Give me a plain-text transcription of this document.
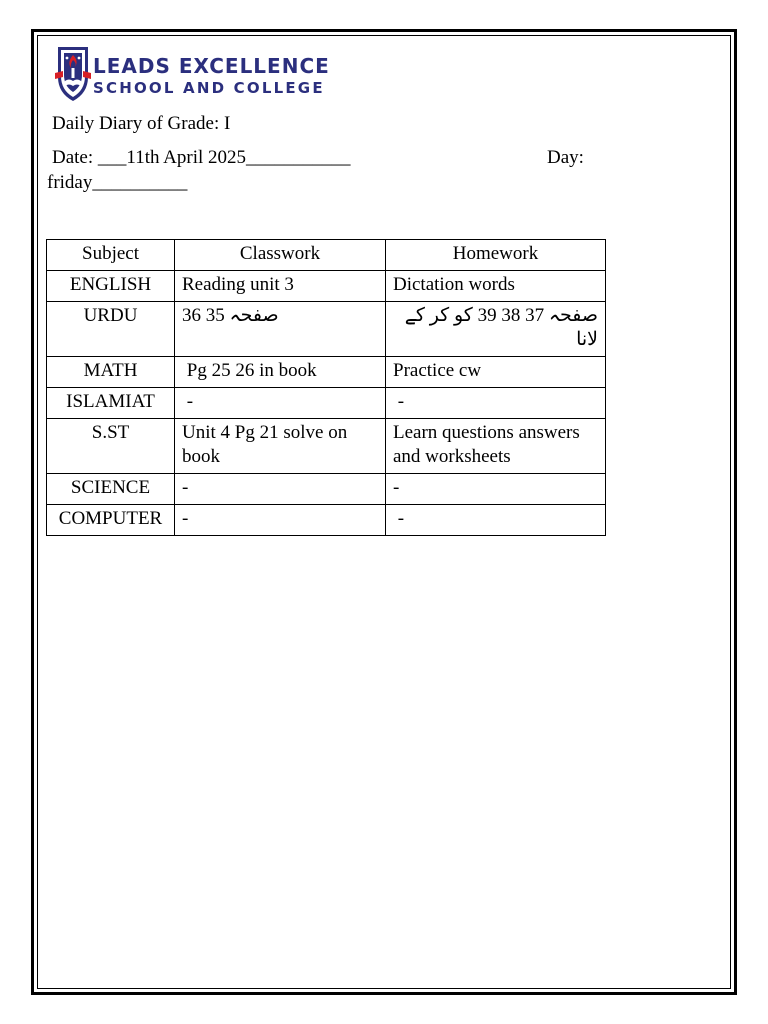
LEADS EXCELLENCE
SCHOOL AND COLLEGE
Daily Diary of Grade: I
Date: ___11th April 2025___________	Day:
friday__________
Subject	Classwork	Homework
ENGLISH	Reading unit 3	Dictation words
URDU	صفحہ 35 36	صفحہ 37 38 39 کو کر کے لانا
MATH	Pg 25 26 in book	Practice cw
ISLAMIAT	-	-
S.ST	Unit 4 Pg 21 solve on book	Learn questions answers and worksheets
SCIENCE	-	-
COMPUTER	-	-
